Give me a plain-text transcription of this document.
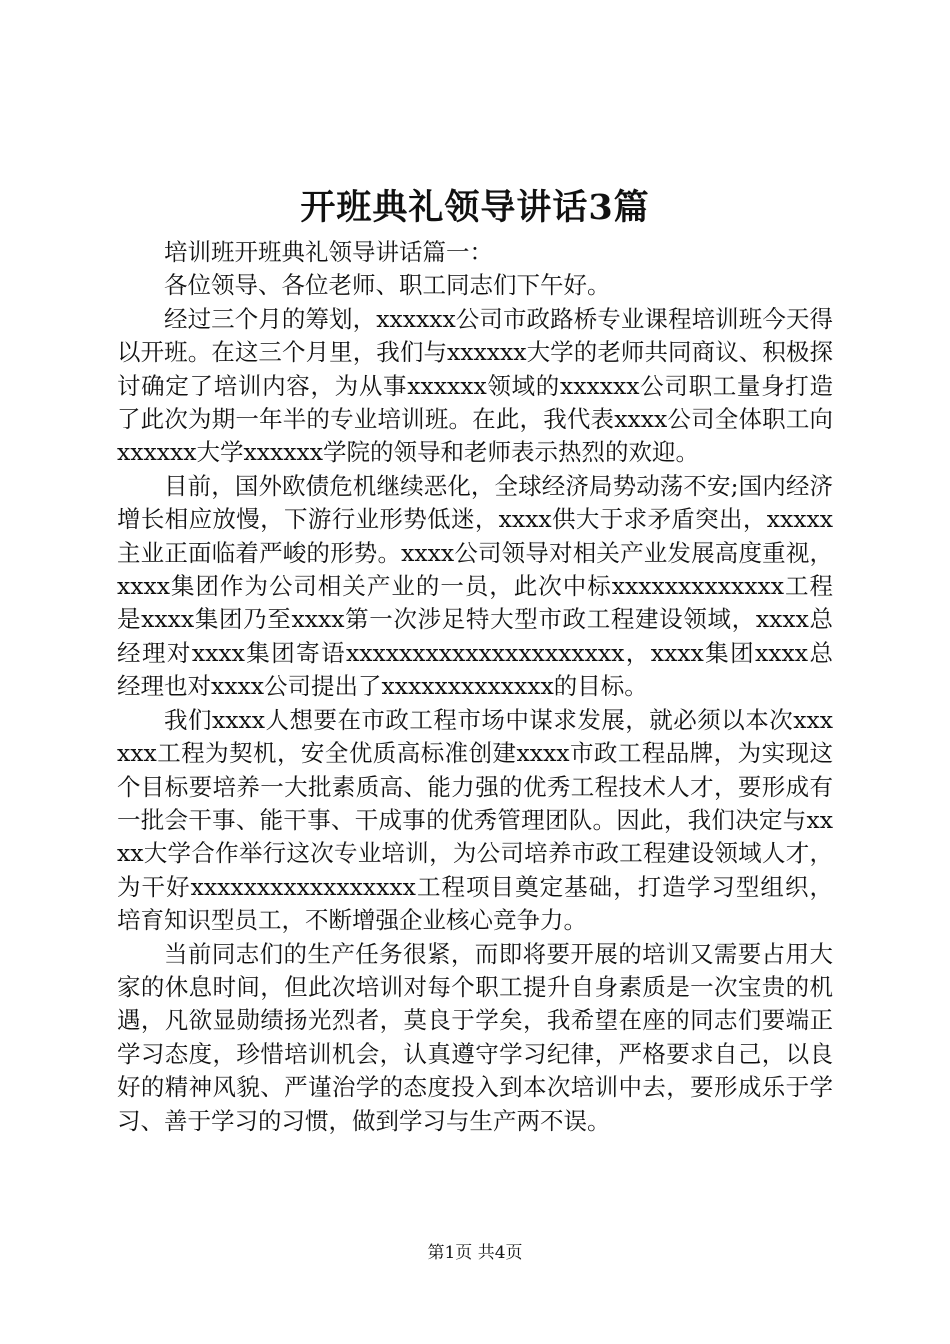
开班典礼领导讲话3篇

培训班开班典礼领导讲话篇一：

各位领导、各位老师、职工同志们下午好。

经过三个月的筹划，xxxxxx公司市政路桥专业课程培训班今天得以开班。在这三个月里，我们与xxxxxx大学的老师共同商议、积极探讨确定了培训内容，为从事xxxxxx领域的xxxxxx公司职工量身打造了此次为期一年半的专业培训班。在此，我代表xxxx公司全体职工向xxxxxx大学xxxxxx学院的领导和老师表示热烈的欢迎。

目前，国外欧债危机继续恶化，全球经济局势动荡不安;国内经济增长相应放慢，下游行业形势低迷，xxxx供大于求矛盾突出，xxxxx主业正面临着严峻的形势。xxxx公司领导对相关产业发展高度重视，xxxx集团作为公司相关产业的一员，此次中标xxxxxxxxxxxxx工程是xxxx集团乃至xxxx第一次涉足特大型市政工程建设领域，xxxx总经理对xxxx集团寄语xxxxxxxxxxxxxxxxxxxxx，xxxx集团xxxx总经理也对xxxx公司提出了xxxxxxxxxxxxx的目标。

我们xxxx人想要在市政工程市场中谋求发展，就必须以本次xxxxxx工程为契机，安全优质高标准创建xxxx市政工程品牌，为实现这个目标要培养一大批素质高、能力强的优秀工程技术人才，要形成有一批会干事、能干事、干成事的优秀管理团队。因此，我们决定与xxxx大学合作举行这次专业培训，为公司培养市政工程建设领域人才，为干好xxxxxxxxxxxxxxxxx工程项目奠定基础，打造学习型组织，培育知识型员工，不断增强企业核心竞争力。

当前同志们的生产任务很紧，而即将要开展的培训又需要占用大家的休息时间，但此次培训对每个职工提升自身素质是一次宝贵的机遇，凡欲显勋绩扬光烈者，莫良于学矣，我希望在座的同志们要端正学习态度，珍惜培训机会，认真遵守学习纪律，严格要求自己，以良好的精神风貌、严谨治学的态度投入到本次培训中去，要形成乐于学习、善于学习的习惯，做到学习与生产两不误。

第1页 共4页
